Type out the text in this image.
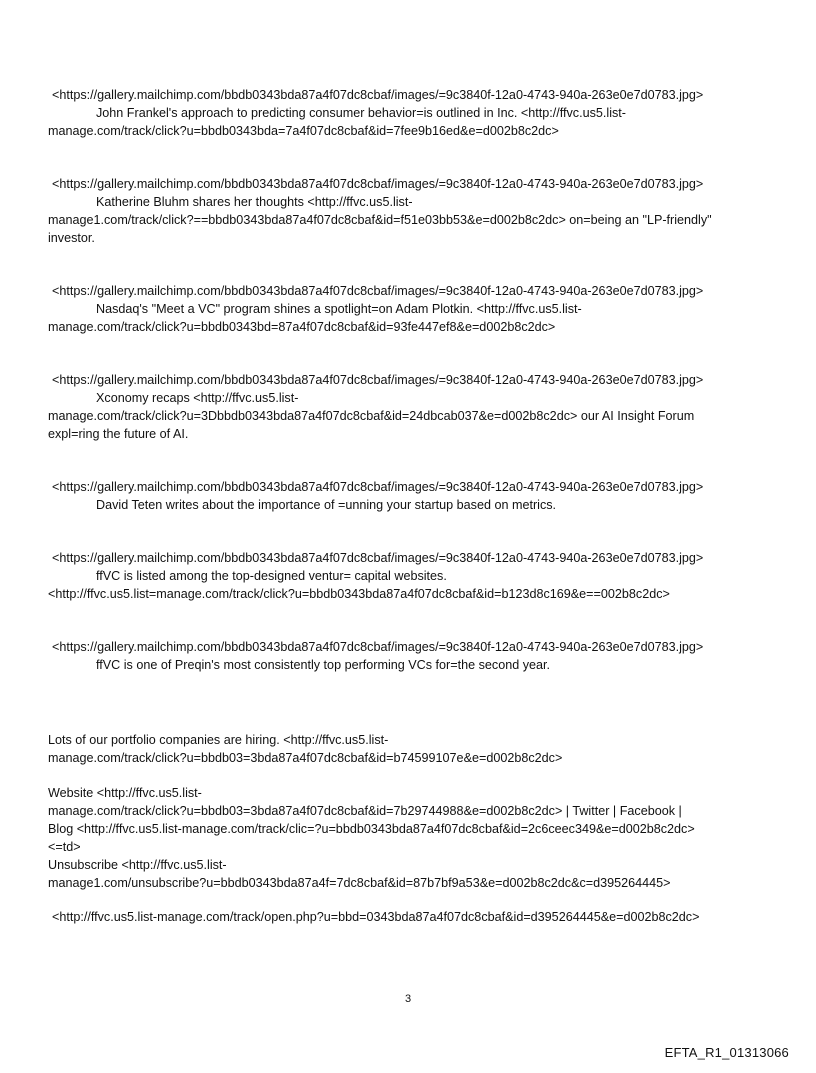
<https://gallery.mailchimp.com/bbdb0343bda87a4f07dc8cbaf/images/=9c3840f-12a0-4743-940a-263e0e7d0783.jpg>
John Frankel's approach to predicting consumer behavior=is outlined in Inc. <http://ffvc.us5.list-
manage.com/track/click?u=bbdb0343bda=7a4f07dc8cbaf&id=7fee9b16ed&e=d002b8c2dc>
<https://gallery.mailchimp.com/bbdb0343bda87a4f07dc8cbaf/images/=9c3840f-12a0-4743-940a-263e0e7d0783.jpg>
Katherine Bluhm shares her thoughts <http://ffvc.us5.list-
manage1.com/track/click?==bbdb0343bda87a4f07dc8cbaf&id=f51e03bb53&e=d002b8c2dc> on=being an "LP-friendly"
investor.
<https://gallery.mailchimp.com/bbdb0343bda87a4f07dc8cbaf/images/=9c3840f-12a0-4743-940a-263e0e7d0783.jpg>
Nasdaq's "Meet a VC" program shines a spotlight=on Adam Plotkin. <http://ffvc.us5.list-
manage.com/track/click?u=bbdb0343bd=87a4f07dc8cbaf&id=93fe447ef8&e=d002b8c2dc>
<https://gallery.mailchimp.com/bbdb0343bda87a4f07dc8cbaf/images/=9c3840f-12a0-4743-940a-263e0e7d0783.jpg>
Xconomy recaps <http://ffvc.us5.list-
manage.com/track/click?u=3Dbbdb0343bda87a4f07dc8cbaf&id=24dbcab037&e=d002b8c2dc> our AI Insight Forum
expl=ring the future of AI.
<https://gallery.mailchimp.com/bbdb0343bda87a4f07dc8cbaf/images/=9c3840f-12a0-4743-940a-263e0e7d0783.jpg>
David Teten writes about the importance of =unning your startup based on metrics.
<https://gallery.mailchimp.com/bbdb0343bda87a4f07dc8cbaf/images/=9c3840f-12a0-4743-940a-263e0e7d0783.jpg>
ffVC is listed among the top-designed ventur= capital websites.
<http://ffvc.us5.list=manage.com/track/click?u=bbdb0343bda87a4f07dc8cbaf&id=b123d8c169&e==002b8c2dc>
<https://gallery.mailchimp.com/bbdb0343bda87a4f07dc8cbaf/images/=9c3840f-12a0-4743-940a-263e0e7d0783.jpg>
ffVC is one of Preqin's most consistently top performing VCs for=the second year.
Lots of our portfolio companies are hiring. <http://ffvc.us5.list-
manage.com/track/click?u=bbdb03=3bda87a4f07dc8cbaf&id=b74599107e&e=d002b8c2dc>
Website <http://ffvc.us5.list-
manage.com/track/click?u=bbdb03=3bda87a4f07dc8cbaf&id=7b29744988&e=d002b8c2dc> | Twitter | Facebook |
Blog <http://ffvc.us5.list-manage.com/track/clic=?u=bbdb0343bda87a4f07dc8cbaf&id=2c6ceec349&e=d002b8c2dc>
<=td>
Unsubscribe <http://ffvc.us5.list-
manage1.com/unsubscribe?u=bbdb0343bda87a4f=7dc8cbaf&id=87b7bf9a53&e=d002b8c2dc&c=d395264445>
<http://ffvc.us5.list-manage.com/track/open.php?u=bbd=0343bda87a4f07dc8cbaf&id=d395264445&e=d002b8c2dc>
3
EFTA_R1_01313066
